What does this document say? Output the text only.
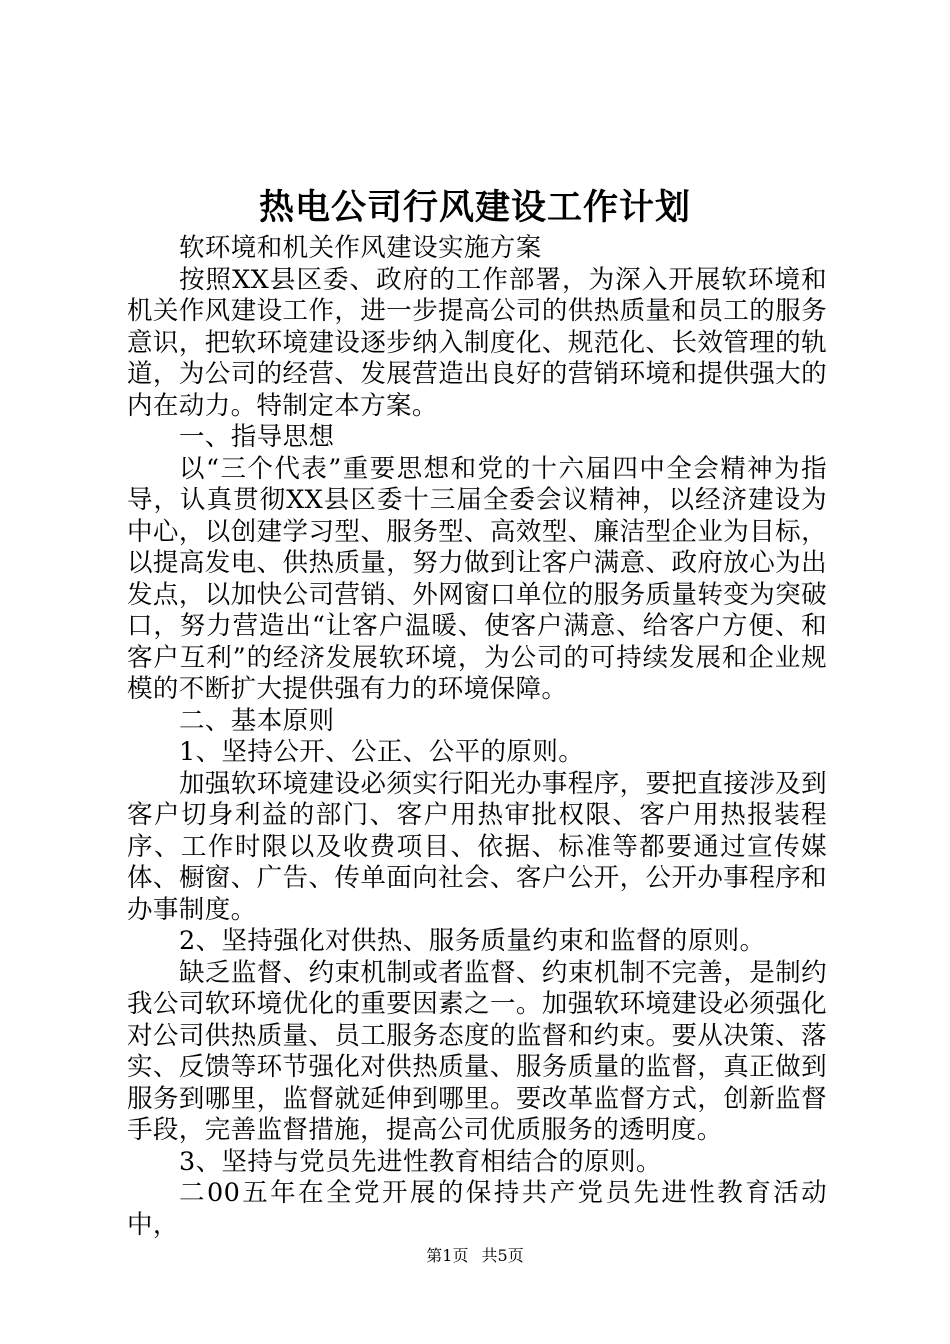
热电公司行风建设工作计划

软环境和机关作风建设实施方案

按照XX县区委、政府的工作部署，为深入开展软环境和机关作风建设工作，进一步提高公司的供热质量和员工的服务意识，把软环境建设逐步纳入制度化、规范化、长效管理的轨道，为公司的经营、发展营造出良好的营销环境和提供强大的内在动力。特制定本方案。

一、指导思想

以“三个代表”重要思想和党的十六届四中全会精神为指导，认真贯彻XX县区委十三届全委会议精神，以经济建设为中心，以创建学习型、服务型、高效型、廉洁型企业为目标，以提高发电、供热质量，努力做到让客户满意、政府放心为出发点，以加快公司营销、外网窗口单位的服务质量转变为突破口，努力营造出“让客户温暖、使客户满意、给客户方便、和客户互利”的经济发展软环境，为公司的可持续发展和企业规模的不断扩大提供强有力的环境保障。

二、基本原则

1、坚持公开、公正、公平的原则。

加强软环境建设必须实行阳光办事程序，要把直接涉及到客户切身利益的部门、客户用热审批权限、客户用热报装程序、工作时限以及收费项目、依据、标准等都要通过宣传媒体、橱窗、广告、传单面向社会、客户公开，公开办事程序和办事制度。

2、坚持强化对供热、服务质量约束和监督的原则。

缺乏监督、约束机制或者监督、约束机制不完善，是制约我公司软环境优化的重要因素之一。加强软环境建设必须强化对公司供热质量、员工服务态度的监督和约束。要从决策、落实、反馈等环节强化对供热质量、服务质量的监督，真正做到服务到哪里，监督就延伸到哪里。要改革监督方式，创新监督手段，完善监督措施，提高公司优质服务的透明度。

3、坚持与党员先进性教育相结合的原则。

二00五年在全党开展的保持共产党员先进性教育活动中，

第1页 共5页
